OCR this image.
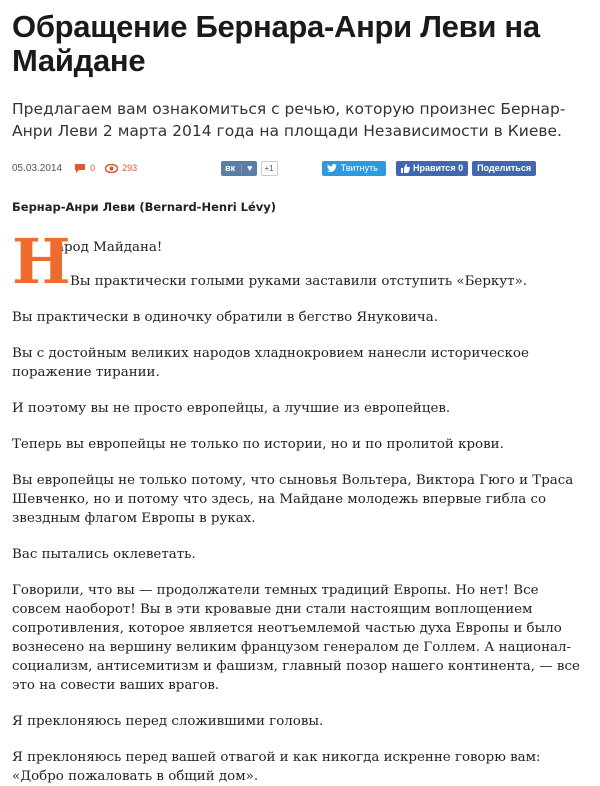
Обращение Бернара-Анри Леви на Майдане

Предлагаем вам ознакомиться с речью, которую произнес Бернар-Анри Леви 2 марта 2014 года на площади Независимости в Киеве.

05.03.2014	0	293	вк	♥	+1	Твитнуть	Нравится 0	Поделиться
Бернар-Анри Леви (Bernard-Henri Lévy)
Н

арод Майдана!

Вы практически голыми руками заставили отступить «Беркут».

Вы практически в одиночку обратили в бегство Януковича.

Вы с достойным великих народов хладнокровием нанесли историческое поражение тирании.

И поэтому вы не просто европейцы, а лучшие из европейцев.

Теперь вы европейцы не только по истории, но и по пролитой крови.

Вы европейцы не только потому, что сыновья Вольтера, Виктора Гюго и Траса Шевченко, но и потому что здесь, на Майдане молодежь впервые гибла со звездным флагом Европы в руках.

Вас пытались оклеветать.

Говорили, что вы — продолжатели темных традиций Европы. Но нет! Все совсем наоборот! Вы в эти кровавые дни стали настоящим воплощением сопротивления, которое является неотъемлемой частью духа Европы и было вознесено на вершину великим французом генералом де Голлем. А национал-социализм, антисемитизм и фашизм, главный позор нашего континента, — все это на совести ваших врагов.

Я преклоняюсь перед сложившими головы.

Я преклоняюсь перед вашей отвагой и как никогда искренне говорю вам: «Добро пожаловать в общий дом».
